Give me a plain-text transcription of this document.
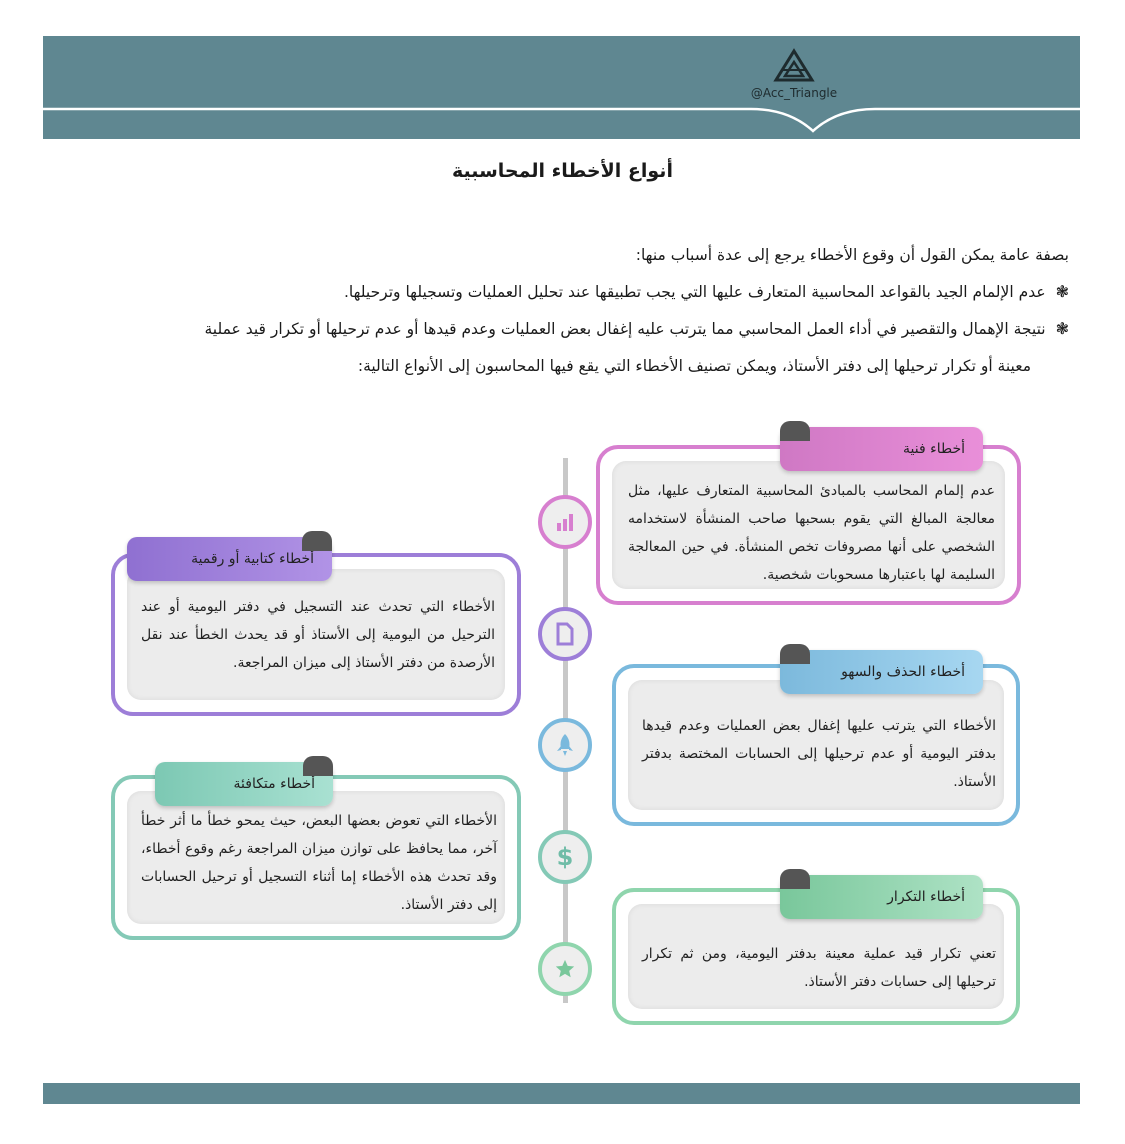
@Acc_Triangle
أنواع الأخطاء المحاسبية

بصفة عامة يمكن القول أن وقوع الأخطاء يرجع إلى عدة أسباب منها:

❃عدم الإلمام الجيد بالقواعد المحاسبية المتعارف عليها التي يجب تطبيقها عند تحليل العمليات وتسجيلها وترحيلها.

❃نتيجة الإهمال والتقصير في أداء العمل المحاسبي مما يترتب عليه إغفال بعض العمليات وعدم قيدها أو عدم ترحيلها أو تكرار قيد عملية

معينة أو تكرار ترحيلها إلى دفتر الأستاذ، ويمكن تصنيف الأخطاء التي يقع فيها المحاسبون إلى الأنواع التالية:

عدم إلمام المحاسب بالمبادئ المحاسبية المتعارف عليها، مثل معالجة المبالغ التي يقوم بسحبها صاحب المنشأة لاستخدامه الشخصي على أنها مصروفات تخص المنشأة. في حين المعالجة السليمة لها باعتبارها مسحوبات شخصية.
أخطاء فنية
الأخطاء التي تحدث عند التسجيل في دفتر اليومية أو عند الترحيل من اليومية إلى الأستاذ أو قد يحدث الخطأ عند نقل الأرصدة من دفتر الأستاذ إلى ميزان المراجعة.
أخطاء كتابية أو رقمية
الأخطاء التي يترتب عليها إغفال بعض العمليات وعدم قيدها بدفتر اليومية أو عدم ترحيلها إلى الحسابات المختصة بدفتر الأستاذ.
أخطاء الحذف والسهو
الأخطاء التي تعوض بعضها البعض، حيث يمحو خطأ ما أثر خطأ آخر، مما يحافظ على توازن ميزان المراجعة رغم وقوع أخطاء، وقد تحدث هذه الأخطاء إما أثناء التسجيل أو ترحيل الحسابات إلى دفتر الأستاذ.
أخطاء متكافئة
تعني تكرار قيد عملية معينة بدفتر اليومية، ومن ثم تكرار ترحيلها إلى حسابات دفتر الأستاذ.
أخطاء التكرار
$
